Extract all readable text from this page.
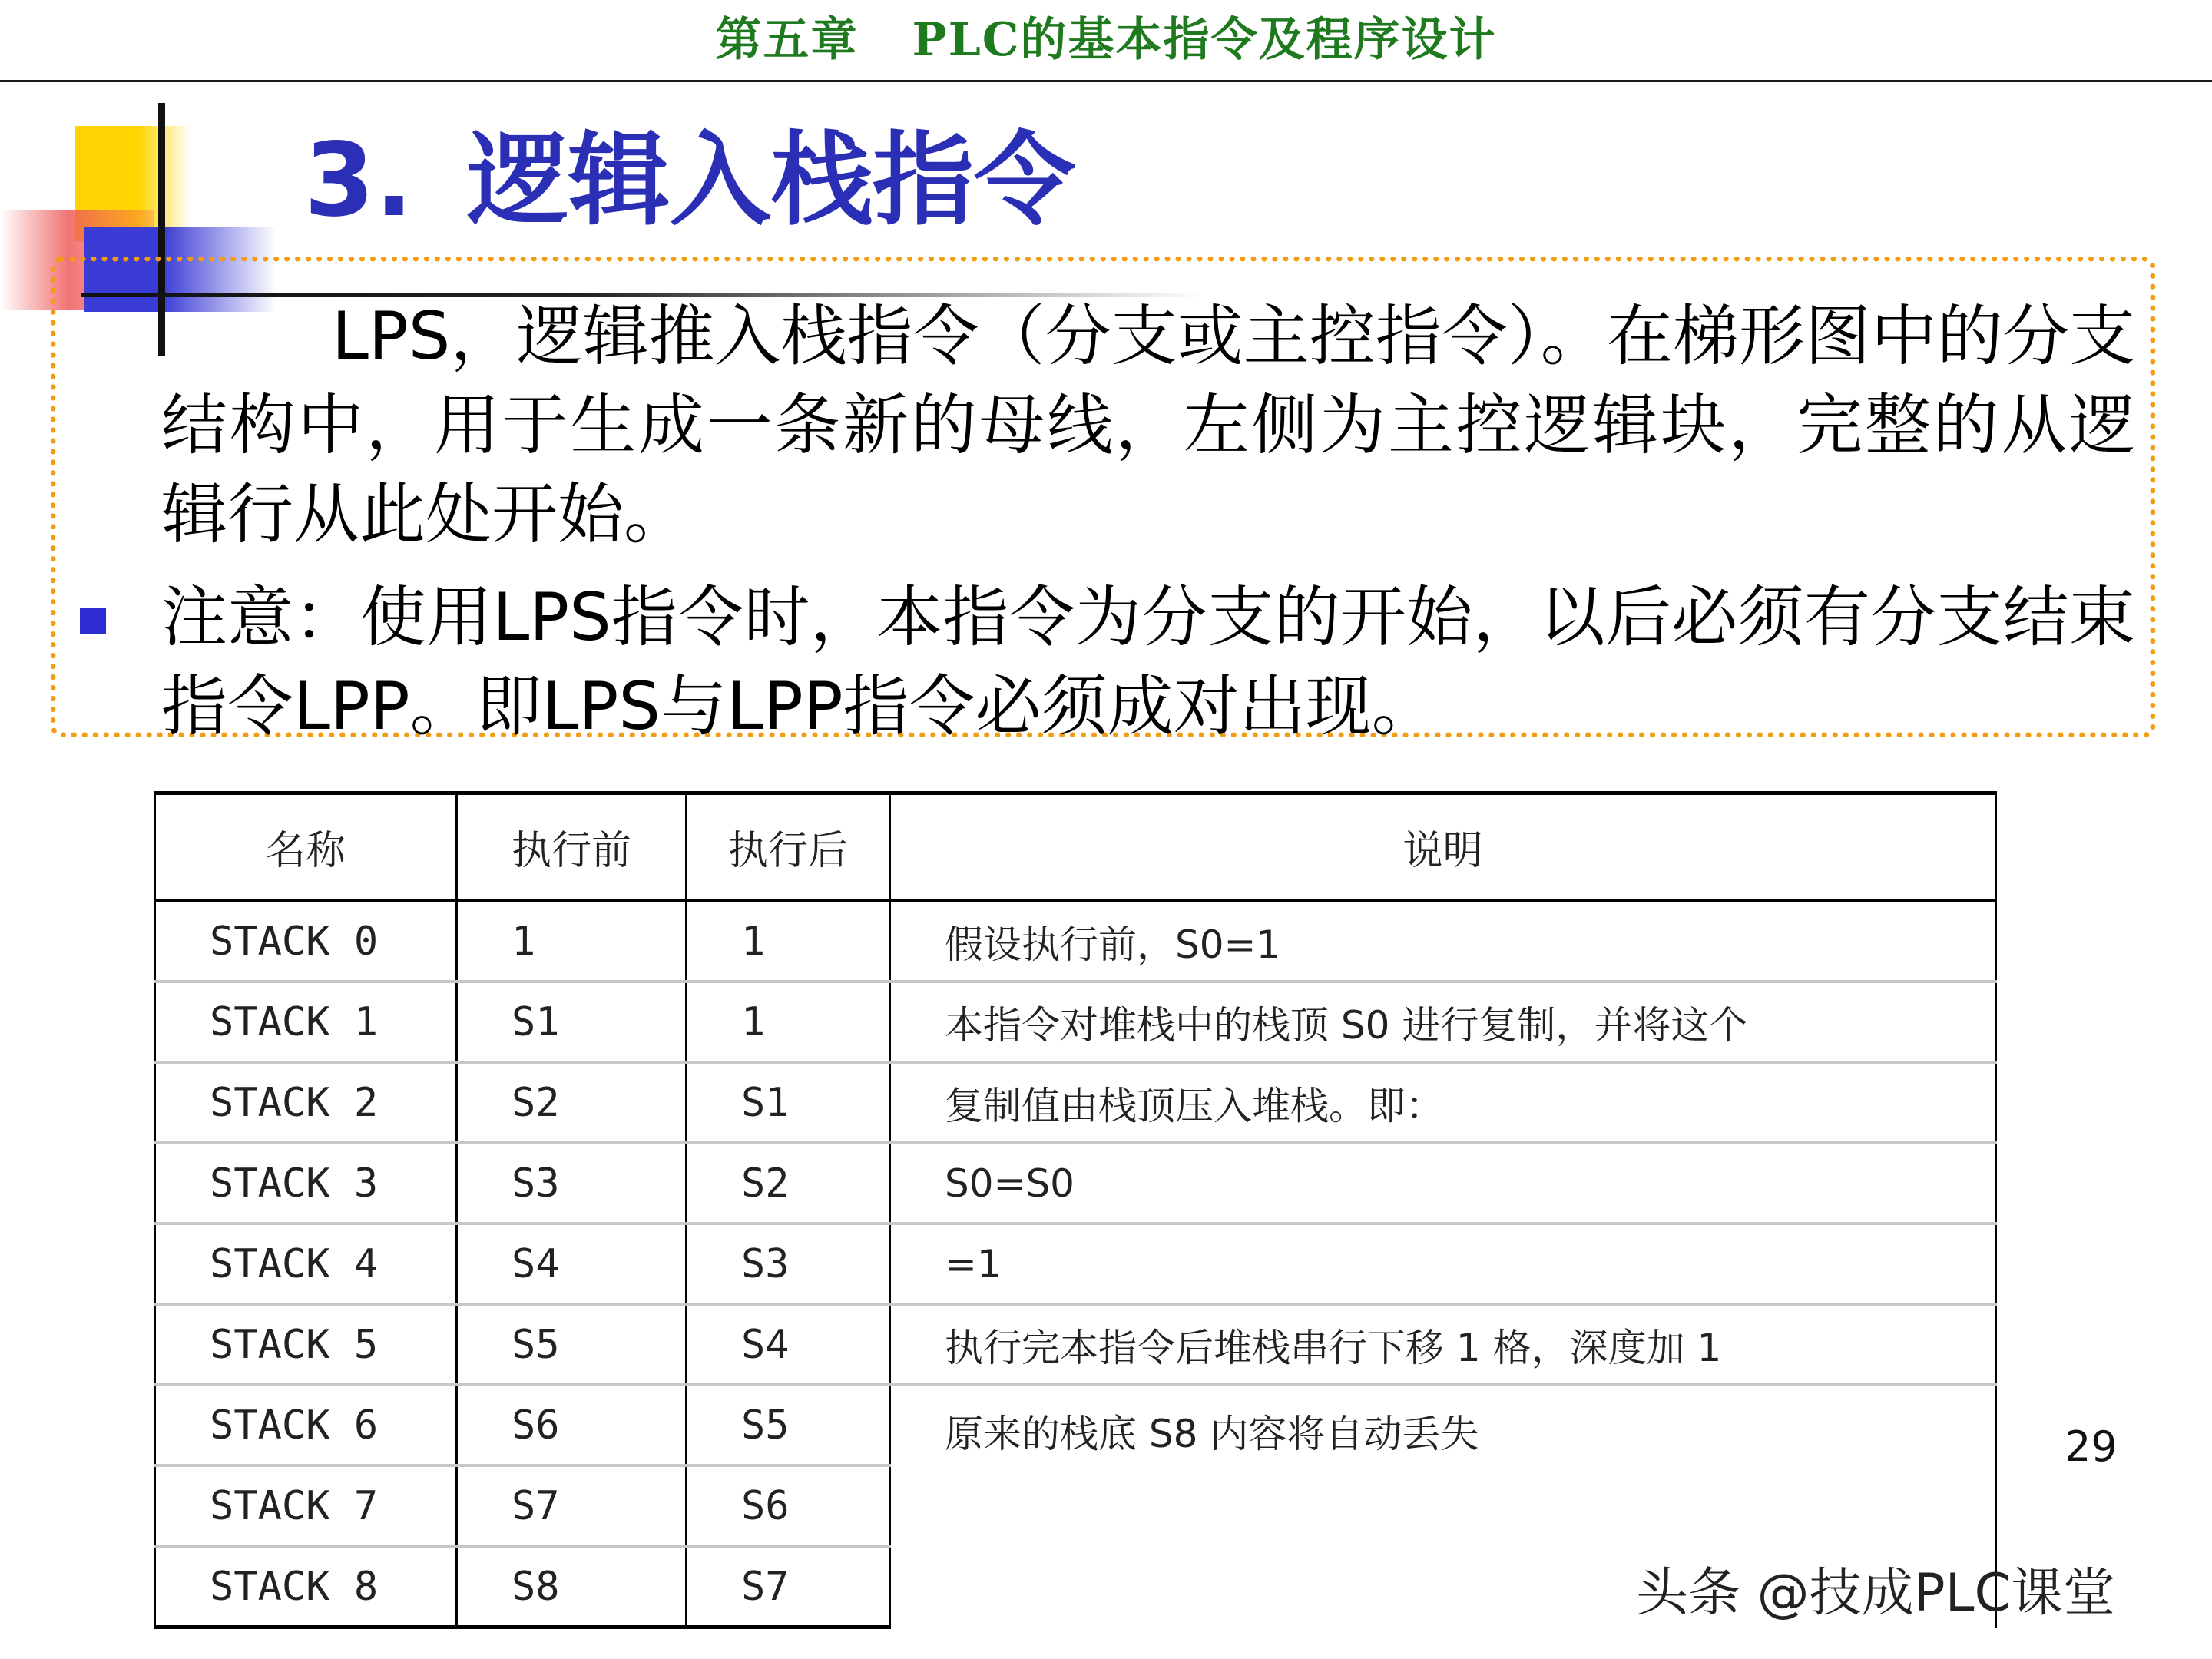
第五章 PLC的基本指令及程序设计
3. 逻辑入栈指令

LPS，逻辑推入栈指令（分支或主控指令）。在梯形图中的分支结构中，用于生成一条新的母线，左侧为主控逻辑块，完整的从逻辑行从此处开始。

注意：使用LPS指令时，本指令为分支的开始，以后必须有分支结束指令LPP。即LPS与LPP指令必须成对出现。

名称	执行前	执行后	说明
STACK 0	1	1	假设执行前，S0=1
STACK 1	S1	1	本指令对堆栈中的栈顶 S0 进行复制，并将这个
STACK 2	S2	S1	复制值由栈顶压入堆栈。即：
STACK 3	S3	S2	S0=S0
STACK 4	S4	S3	=1
STACK 5	S5	S4	执行完本指令后堆栈串行下移 1 格，深度加 1
STACK 6	S6	S5	原来的栈底 S8 内容将自动丢失
STACK 7	S7	S6	
STACK 8	S8	S7	
29
头条 @技成PLC课堂
